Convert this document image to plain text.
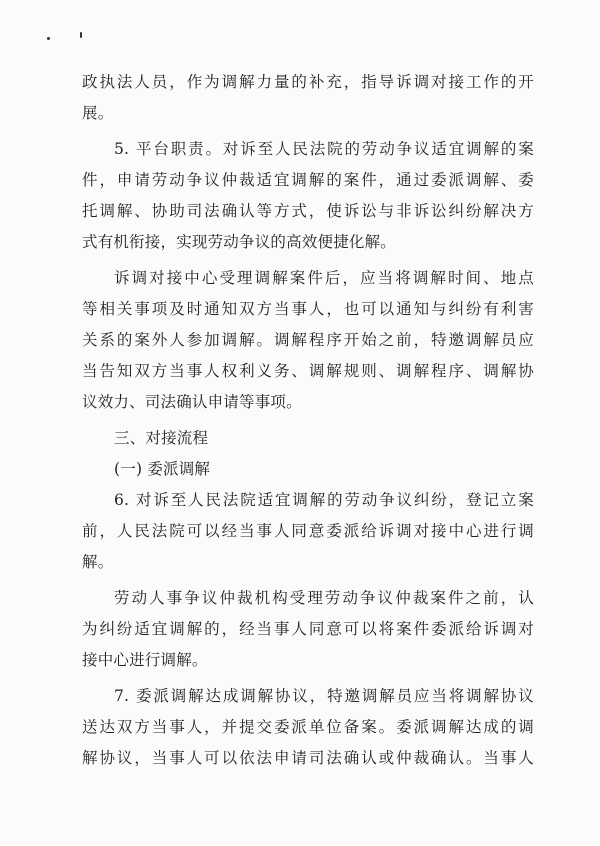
政执法人员，作为调解力量的补充，指导诉调对接工作的开
展。
5. 平台职责。对诉至人民法院的劳动争议适宜调解的案
件，申请劳动争议仲裁适宜调解的案件，通过委派调解、委
托调解、协助司法确认等方式，使诉讼与非诉讼纠纷解决方
式有机衔接，实现劳动争议的高效便捷化解。
诉调对接中心受理调解案件后，应当将调解时间、地点
等相关事项及时通知双方当事人，也可以通知与纠纷有利害
关系的案外人参加调解。调解程序开始之前，特邀调解员应
当告知双方当事人权利义务、调解规则、调解程序、调解协
议效力、司法确认申请等事项。
三、对接流程
(一) 委派调解
6. 对诉至人民法院适宜调解的劳动争议纠纷，登记立案
前，人民法院可以经当事人同意委派给诉调对接中心进行调
解。
劳动人事争议仲裁机构受理劳动争议仲裁案件之前，认
为纠纷适宜调解的，经当事人同意可以将案件委派给诉调对
接中心进行调解。
7. 委派调解达成调解协议，特邀调解员应当将调解协议
送达双方当事人，并提交委派单位备案。委派调解达成的调
解协议，当事人可以依法申请司法确认或仲裁确认。当事人
